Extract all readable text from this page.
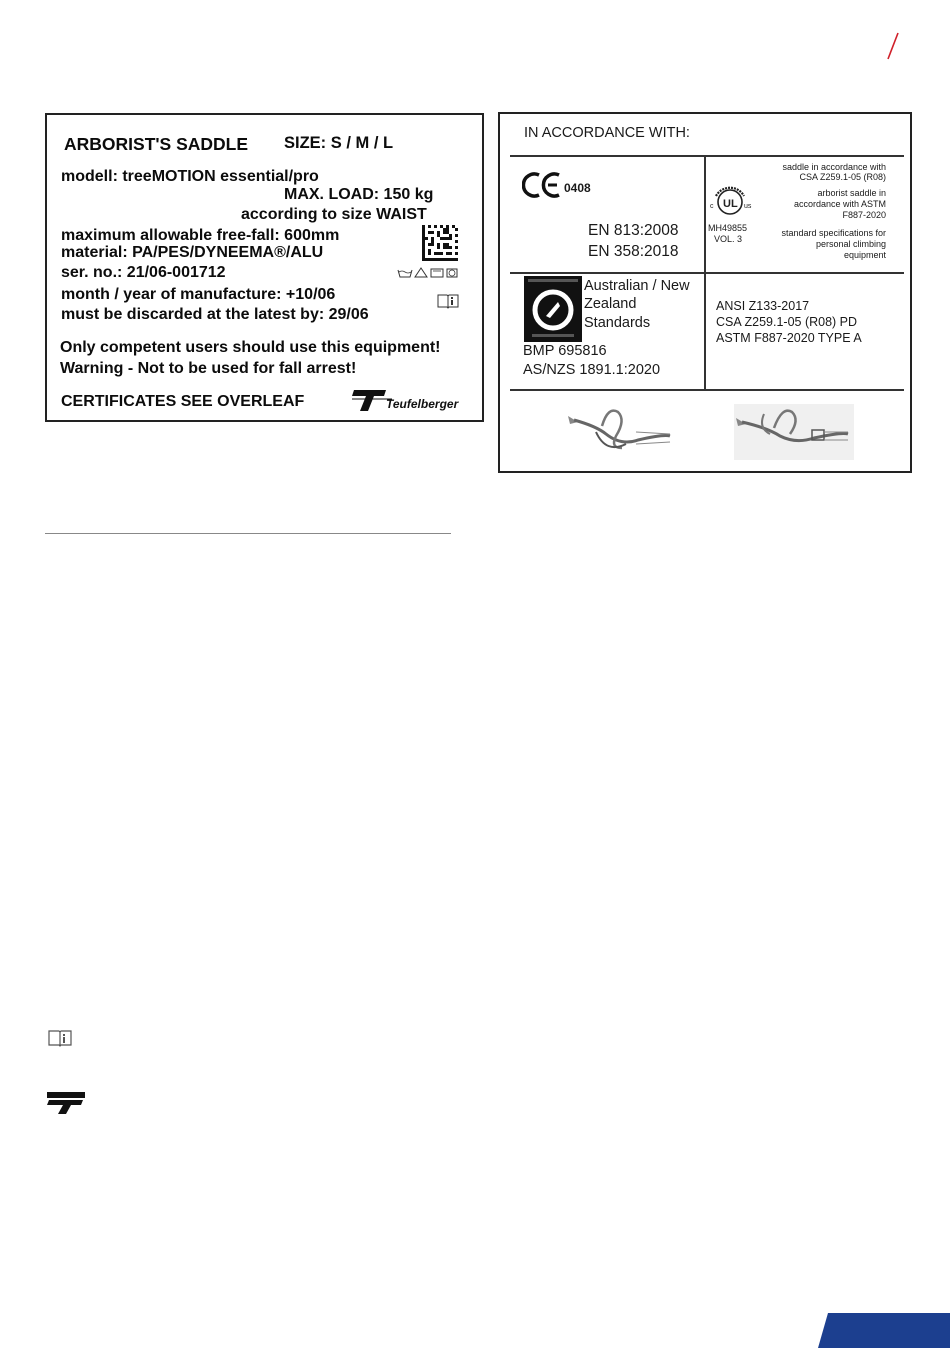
ARBORIST'S SADDLE SIZE: S / M / L
modell: treeMOTION essential/pro
MAX. LOAD: 150 kg
according to size WAIST
maximum allowable free-fall: 600mm
material: PA/PES/DYNEEMA®/ALU
ser. no.: 21/06-001712
month / year of manufacture: +10/06
must be discarded at the latest by: 29/06
Only competent users should use this equipment!
Warning - Not to be used for fall arrest!
CERTIFICATES SEE OVERLEAF	Teufelberger
IN ACCORDANCE WITH:
0408
EN 813:2008
EN 358:2018
UL
c	us
MH49855
VOL. 3
saddle in accordance with
CSA Z259.1-05 (R08)
arborist saddle in
accordance with ASTM
F887-2020
standard specifications for
personal climbing
equipment
Australian / New
Zealand
Standards
BMP 695816
AS/NZS 1891.1:2020
ANSI Z133-2017
CSA Z259.1-05 (R08) PD
ASTM F887-2020 TYPE A
